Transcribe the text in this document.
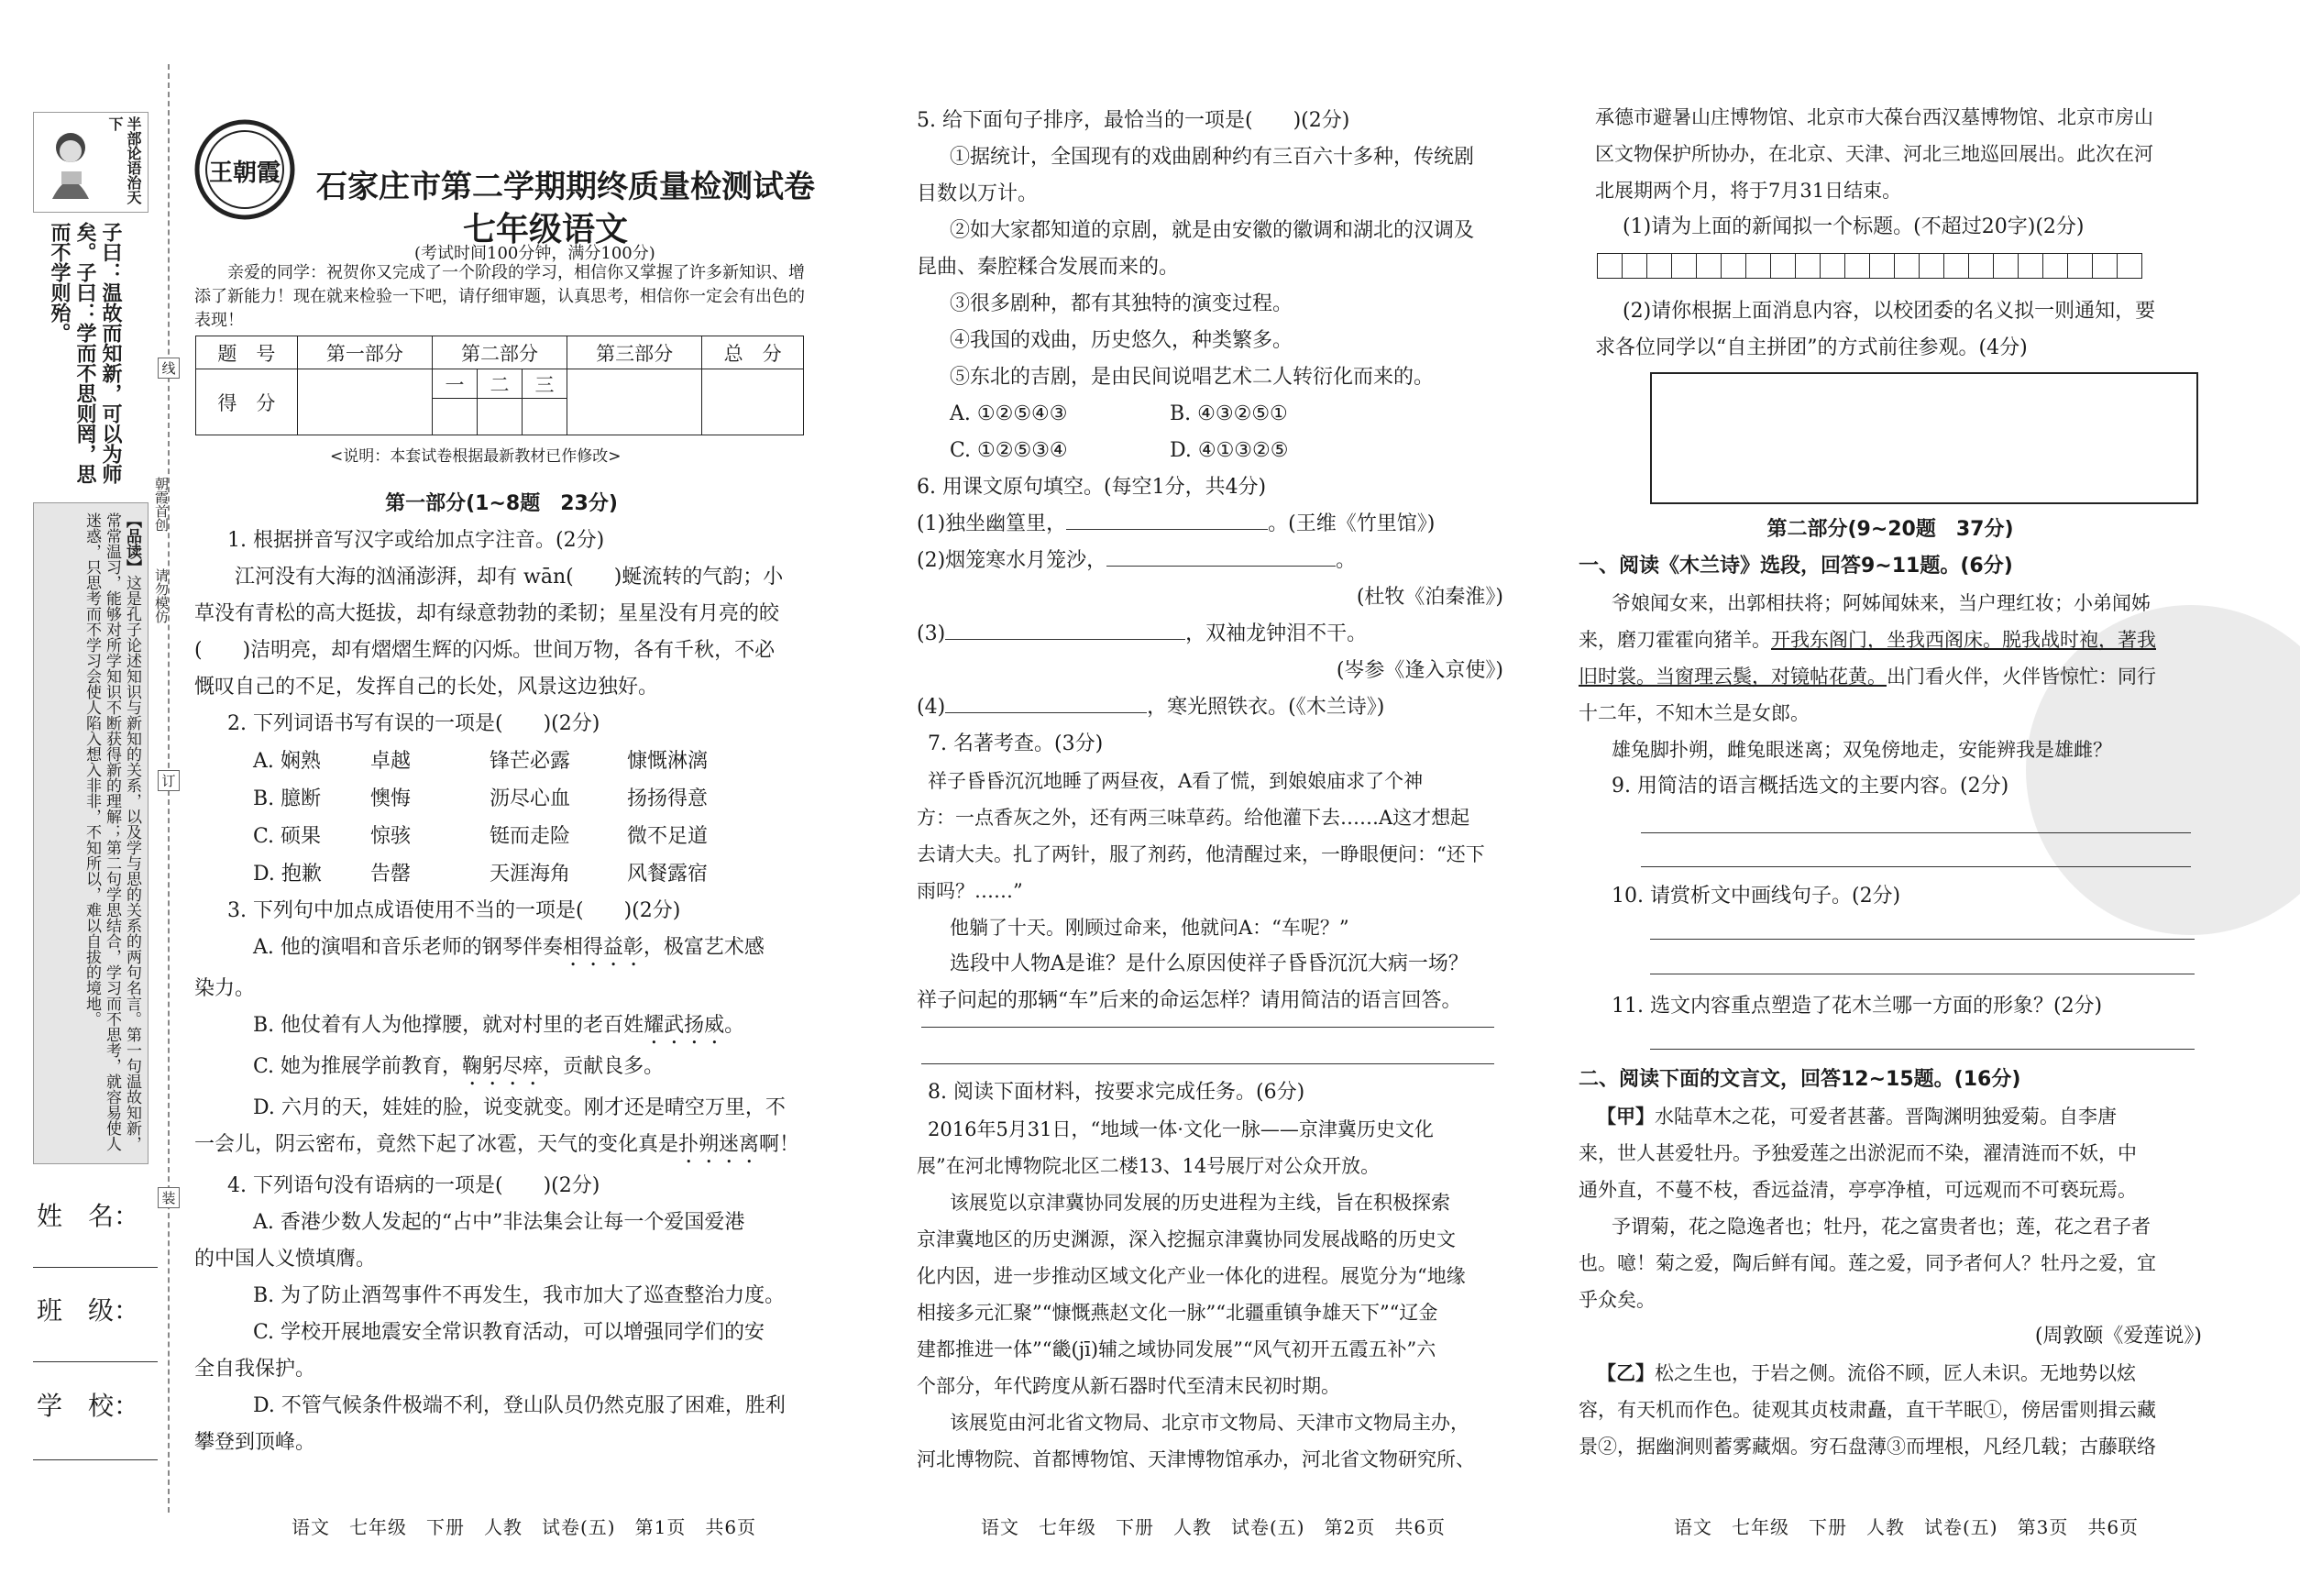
半部论语治天下
子曰：温故而知新，可以为师矣。子曰：学而不思则罔，思而不学则殆。
【品读】这是孔子论述知识与新知的关系，以及学与思的关系的两句名言。第一句温故知新，常常温习，能够对所学知识不断获得新的理解；第二句学思结合，学习而不思考，就容易使人迷惑，只思考而不学习会使人陷入想入非非，不知所以，难以自拔的境地。
朝霞首创
请勿模仿
线
订
装
姓　名：
班　级：
学　校：
王朝霞	石家庄市第二学期期终质量检测试卷
七年级语文
(考试时间100分钟，满分100分)
亲爱的同学：祝贺你又完成了一个阶段的学习，相信你又掌握了许多新知识、增添了新能力！现在就来检验一下吧，请仔细审题，认真思考，相信你一定会有出色的表现！
题　号	第一部分	第二部分			第三部分	总　分
得　分		一	二	三		

<说明：本套试卷根据最新教材已作修改>

第一部分(1~8题　23分)

1. 根据拼音写汉字或给加点字注音。(2分)

江河没有大海的汹涌澎湃，却有 wān(　　)蜒流转的气韵；小

草没有青松的高大挺拔，却有绿意勃勃的柔韧；星星没有月亮的皎

(　　)洁明亮，却有熠熠生辉的闪烁。世间万物，各有千秋，不必

慨叹自己的不足，发挥自己的长处，风景这边独好。

2. 下列词语书写有误的一项是(　　)(2分)

A. 娴熟	卓越	锋芒必露	慷慨淋漓
B. 臆断	懊悔	沥尽心血	扬扬得意
C. 硕果	惊骇	铤而走险	微不足道
D. 抱歉	告罄	天涯海角	风餐露宿

3. 下列句中加点成语使用不当的一项是(　　)(2分)

A. 他的演唱和音乐老师的钢琴伴奏相得益彰，极富艺术感

染力。

B. 他仗着有人为他撑腰，就对村里的老百姓耀武扬威。

C. 她为推展学前教育，鞠躬尽瘁，贡献良多。

D. 六月的天，娃娃的脸，说变就变。刚才还是晴空万里，不

一会儿，阴云密布，竟然下起了冰雹，天气的变化真是扑朔迷离啊！

4. 下列语句没有语病的一项是(　　)(2分)

A. 香港少数人发起的“占中”非法集会让每一个爱国爱港

的中国人义愤填膺。

B. 为了防止酒驾事件不再发生，我市加大了巡查整治力度。

C. 学校开展地震安全常识教育活动，可以增强同学们的安

全自我保护。

D. 不管气候条件极端不利，登山队员仍然克服了困难，胜利

攀登到顶峰。

语文　七年级　下册　人教　试卷(五)　第1页　共6页

5. 给下面句子排序，最恰当的一项是(　　)(2分)

①据统计，全国现有的戏曲剧种约有三百六十多种，传统剧

目数以万计。

②如大家都知道的京剧，就是由安徽的徽调和湖北的汉调及

昆曲、秦腔糅合发展而来的。

③很多剧种，都有其独特的演变过程。

④我国的戏曲，历史悠久，种类繁多。

⑤东北的吉剧，是由民间说唱艺术二人转衍化而来的。

A. ①②⑤④③	B. ④③②⑤①
C. ①②⑤③④	D. ④①③②⑤

6. 用课文原句填空。(每空1分，共4分)

(1)独坐幽篁里，	。(王维《竹里馆》)

(2)烟笼寒水月笼沙，	。

(杜牧《泊秦淮》)

(3)	，双袖龙钟泪不干。

(岑参《逢入京使》)

(4)	，寒光照铁衣。(《木兰诗》)

7. 名著考查。(3分)

祥子昏昏沉沉地睡了两昼夜，A看了慌，到娘娘庙求了个神

方：一点香灰之外，还有两三味草药。给他灌下去……A这才想起

去请大夫。扎了两针，服了剂药，他清醒过来，一睁眼便问：“还下

雨吗？……”

他躺了十天。刚顾过命来，他就问A：“车呢？”

选段中人物A是谁？是什么原因使祥子昏昏沉沉大病一场？

祥子问起的那辆“车”后来的命运怎样？请用简洁的语言回答。

8. 阅读下面材料，按要求完成任务。(6分)

2016年5月31日，“地域一体·文化一脉——京津冀历史文化

展”在河北博物院北区二楼13、14号展厅对公众开放。

该展览以京津冀协同发展的历史进程为主线，旨在积极探索

京津冀地区的历史渊源，深入挖掘京津冀协同发展战略的历史文

化内因，进一步推动区域文化产业一体化的进程。展览分为“地缘

相接多元汇聚”“慷慨燕赵文化一脉”“北疆重镇争雄天下”“辽金

建都推进一体”“畿(jī)辅之域协同发展”“风气初开五霞五补”六

个部分，年代跨度从新石器时代至清末民初时期。

该展览由河北省文物局、北京市文物局、天津市文物局主办，

河北博物院、首都博物馆、天津博物馆承办，河北省文物研究所、

语文　七年级　下册　人教　试卷(五)　第2页　共6页

承德市避暑山庄博物馆、北京市大葆台西汉墓博物馆、北京市房山

区文物保护所协办，在北京、天津、河北三地巡回展出。此次在河

北展期两个月，将于7月31日结束。

(1)请为上面的新闻拟一个标题。(不超过20字)(2分)

(2)请你根据上面消息内容，以校团委的名义拟一则通知，要

求各位同学以“自主拼团”的方式前往参观。(4分)

第二部分(9~20题　37分)

一、阅读《木兰诗》选段，回答9~11题。(6分)

爷娘闻女来，出郭相扶将；阿姊闻妹来，当户理红妆；小弟闻姊

来，磨刀霍霍向猪羊。开我东阁门，坐我西阁床。脱我战时袍，著我

旧时裳。当窗理云鬓，对镜帖花黄。出门看火伴，火伴皆惊忙：同行

十二年，不知木兰是女郎。

雄兔脚扑朔，雌兔眼迷离；双兔傍地走，安能辨我是雄雌？

9. 用简洁的语言概括选文的主要内容。(2分)

10. 请赏析文中画线句子。(2分)
11. 选文内容重点塑造了花木兰哪一方面的形象？(2分)

二、阅读下面的文言文，回答12~15题。(16分)

【甲】水陆草木之花，可爱者甚蕃。晋陶渊明独爱菊。自李唐

来，世人甚爱牡丹。予独爱莲之出淤泥而不染，濯清涟而不妖，中

通外直，不蔓不枝，香远益清，亭亭净植，可远观而不可亵玩焉。

予谓菊，花之隐逸者也；牡丹，花之富贵者也；莲，花之君子者

也。噫！菊之爱，陶后鲜有闻。莲之爱，同予者何人？牡丹之爱，宜

乎众矣。

(周敦颐《爱莲说》)

【乙】松之生也，于岩之侧。流俗不顾，匠人未识。无地势以炫

容，有天机而作色。徒观其贞枝肃矗，直干芊眠①，傍居雷则揖云藏

景②，据幽涧则蓄雾藏烟。穷石盘薄③而埋根，凡经几载；古藤联络

语文　七年级　下册　人教　试卷(五)　第3页　共6页
